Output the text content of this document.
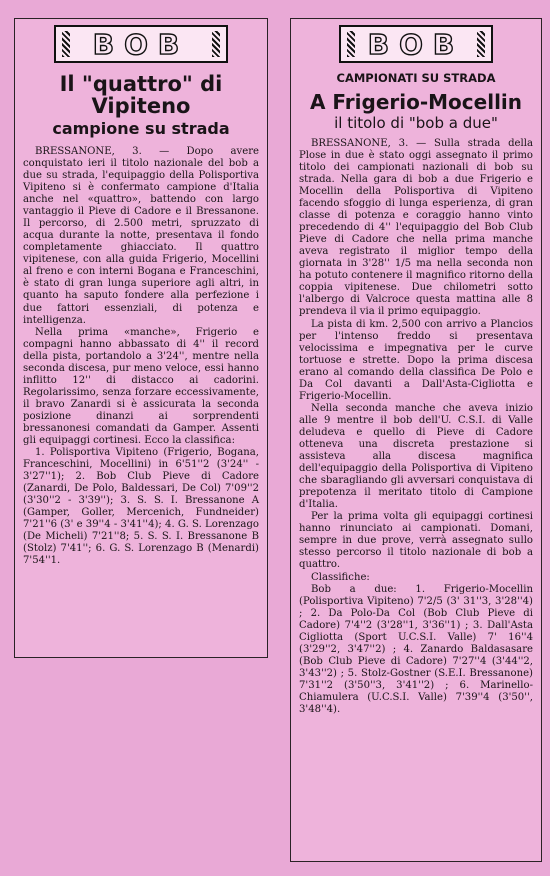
BOB
Il "quattro" di Vipiteno
campione su strada

BRESSANONE, 3. — Dopo avere conquistato ieri il titolo nazionale del bob a due su strada, l'equipaggio della Polisportiva Vipiteno si è confermato campione d'Italia anche nel «quattro», battendo con largo vantaggio il Pieve di Cadore e il Bressanone. Il percorso, di 2.500 metri, spruzzato di acqua durante la notte, presentava il fondo completamente ghiacciato. Il quattro vipitenese, con alla guida Frigerio, Mocellini al freno e con interni Bogana e Franceschini, è stato di gran lunga superiore agli altri, in quanto ha saputo fondere alla perfezione i due fattori essenziali, di potenza e intelligenza.

Nella prima «manche», Frigerio e compagni hanno abbassato di 4'' il record della pista, portandolo a 3'24'', mentre nella seconda discesa, pur meno veloce, essi hanno inflitto 12'' di distacco ai cadorini. Regolarissimo, senza forzare eccessivamente, il bravo Zanardi si è assicurata la seconda posizione dinanzi ai sorprendenti bressanonesi comandati da Gamper. Assenti gli equipaggi cortinesi. Ecco la classifica:

1. Polisportiva Vipiteno (Frigerio, Bogana, Franceschini, Mocellini) in 6'51''2 (3'24'' - 3'27''1); 2. Bob Club Pieve di Cadore (Zanardi, De Polo, Baldessari, De Col) 7'09''2 (3'30''2 - 3'39''); 3. S. S. I. Bressanone A (Gamper, Goller, Mercenich, Fundneider) 7'21''6 (3' e 39''4 - 3'41''4); 4. G. S. Lorenzago (De Micheli) 7'21''8; 5. S. S. I. Bressanone B (Stolz) 7'41''; 6. G. S. Lorenzago B (Menardi) 7'54''1.

BOB
CAMPIONATI SU STRADA
A Frigerio-Mocellin
il titolo di "bob a due"

BRESSANONE, 3. — Sulla strada della Plose in due è stato oggi assegnato il primo titolo dei campionati nazionali di bob su strada. Nella gara di bob a due Frigerio e Mocellin della Polisportiva di Vipiteno facendo sfoggio di lunga esperienza, di gran classe di potenza e coraggio hanno vinto precedendo di 4'' l'equipaggio del Bob Club Pieve di Cadore che nella prima manche aveva registrato il miglior tempo della giornata in 3'28'' 1/5 ma nella seconda non ha potuto contenere il magnifico ritorno della coppia vipitenese. Due chilometri sotto l'albergo di Valcroce questa mattina alle 8 prendeva il via il primo equipaggio.

La pista di km. 2,500 con arrivo a Plancios per l'intenso freddo si presentava velocissima e impegnativa per le curve tortuose e strette. Dopo la prima discesa erano al comando della classifica De Polo e Da Col davanti a Dall'Asta-Cigliotta e Frigerio-Mocellin.

Nella seconda manche che aveva inizio alle 9 mentre il bob dell'U. C.S.I. di Valle deludeva e quello di Pieve di Cadore otteneva una discreta prestazione si assisteva alla discesa magnifica dell'equipaggio della Polisportiva di Vipiteno che sbaragliando gli avversari conquistava di prepotenza il meritato titolo di Campione d'Italia.

Per la prima volta gli equipaggi cortinesi hanno rinunciato ai campionati. Domani, sempre in due prove, verrà assegnato sullo stesso percorso il titolo nazionale di bob a quattro.

Classifiche:

Bob a due: 1. Frigerio-Mocellin (Polisportiva Vipiteno) 7'2/5 (3' 31''3, 3'28''4) ; 2. Da Polo-Da Col (Bob Club Pieve di Cadore) 7'4''2 (3'28''1, 3'36''1) ; 3. Dall'Asta Cigliotta (Sport U.C.S.I. Valle) 7' 16''4 (3'29''2, 3'47''2) ; 4. Zanardo Baldasasare (Bob Club Pieve di Cadore) 7'27''4 (3'44''2, 3'43''2) ; 5. Stolz-Gostner (S.E.I. Bressanone) 7'31''2 (3'50''3, 3'41''2) ; 6. Marinello-Chiamulera (U.C.S.I. Valle) 7'39''4 (3'50'', 3'48''4).
